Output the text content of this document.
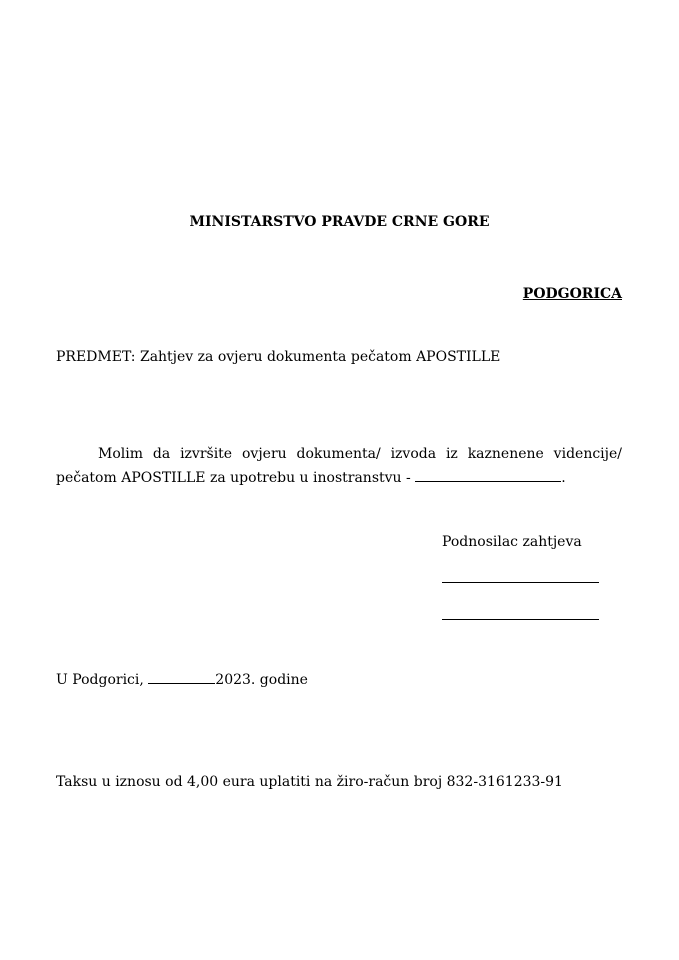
MINISTARSTVO PRAVDE CRNE GORE

PODGORICA

PREDMET: Zahtjev za ovjeru dokumenta pečatom APOSTILLE

Molim da izvršite ovjeru dokumenta/ izvoda iz kaznenene videncije/ pečatom APOSTILLE za upotrebu u inostranstvu -	.

Podnosilac zahtjeva

U Podgorici,	2023. godine

Taksu u iznosu od 4,00 eura uplatiti na žiro-račun broj 832-3161233-91
